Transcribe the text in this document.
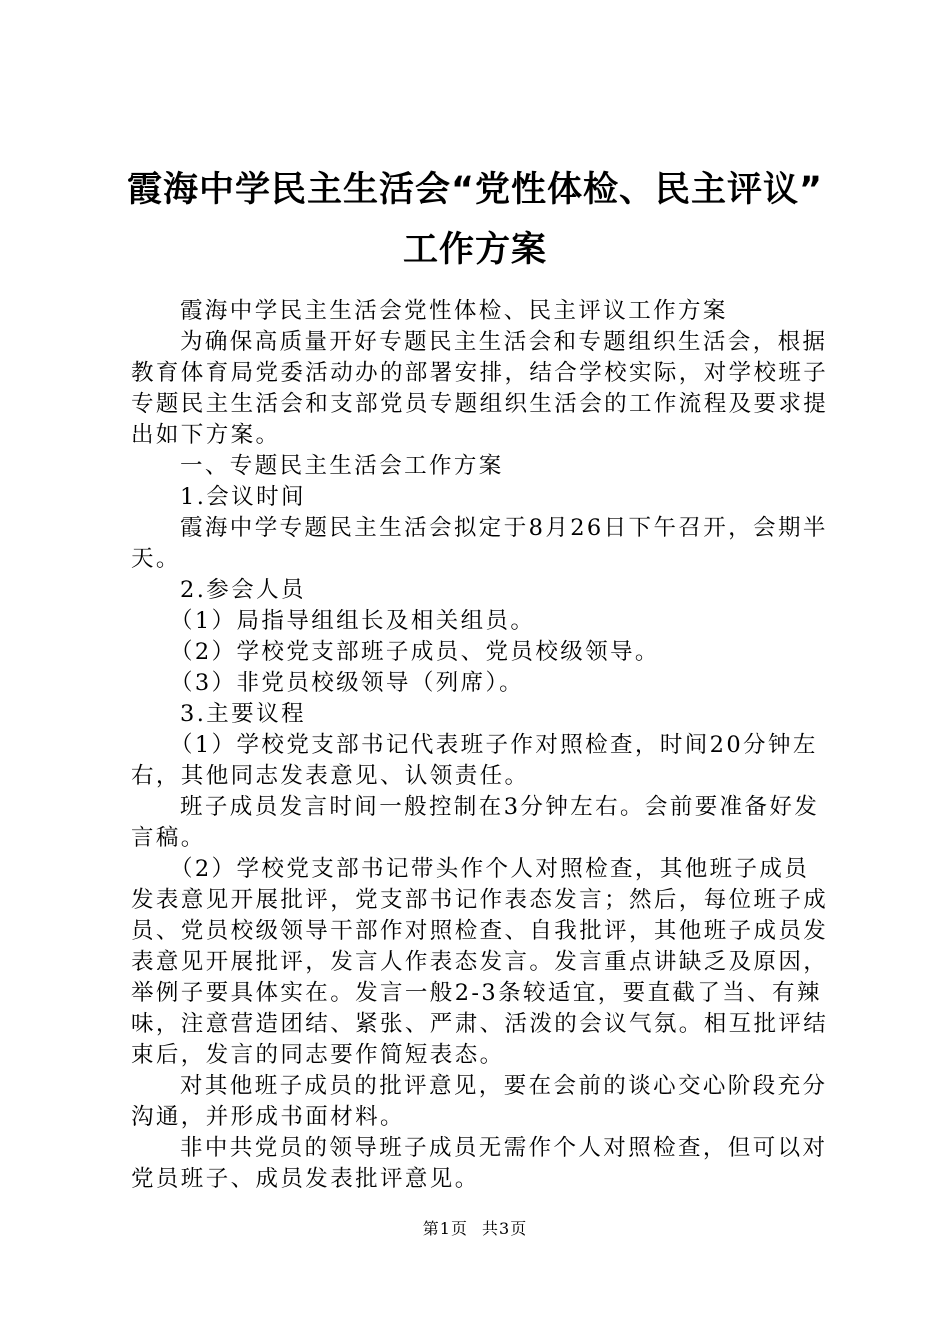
霞海中学民主生活会“党性体检、民主评议”
工作方案

霞海中学民主生活会党性体检、民主评议工作方案

为确保高质量开好专题民主生活会和专题组织生活会，根据教育体育局党委活动办的部署安排，结合学校实际，对学校班子专题民主生活会和支部党员专题组织生活会的工作流程及要求提出如下方案。

一、专题民主生活会工作方案

1.会议时间

霞海中学专题民主生活会拟定于8月26日下午召开，会期半天。

2.参会人员

（1）局指导组组长及相关组员。

（2）学校党支部班子成员、党员校级领导。

（3）非党员校级领导（列席）。

3.主要议程

（1）学校党支部书记代表班子作对照检查，时间20分钟左右，其他同志发表意见、认领责任。

班子成员发言时间一般控制在3分钟左右。会前要准备好发言稿。

（2）学校党支部书记带头作个人对照检查，其他班子成员发表意见开展批评，党支部书记作表态发言；然后，每位班子成员、党员校级领导干部作对照检查、自我批评，其他班子成员发表意见开展批评，发言人作表态发言。发言重点讲缺乏及原因，举例子要具体实在。发言一般2-3条较适宜，要直截了当、有辣味，注意营造团结、紧张、严肃、活泼的会议气氛。相互批评结束后，发言的同志要作简短表态。

对其他班子成员的批评意见，要在会前的谈心交心阶段充分沟通，并形成书面材料。

非中共党员的领导班子成员无需作个人对照检查，但可以对党员班子、成员发表批评意见。

第1页 共3页
